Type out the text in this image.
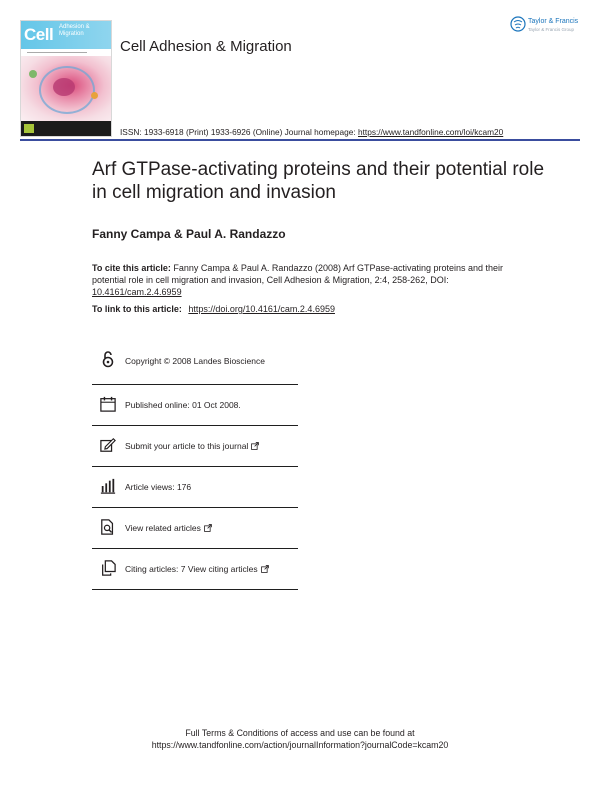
Cell Adhesion & Migration
Cell Adhesion & Migration
Taylor & Francis
Taylor & Francis Group
ISSN: 1933-6918 (Print) 1933-6926 (Online) Journal homepage: https://www.tandfonline.com/loi/kcam20
Arf GTPase-activating proteins and their potential role in cell migration and invasion
Fanny Campa & Paul A. Randazzo
To cite this article: Fanny Campa & Paul A. Randazzo (2008) Arf GTPase-activating proteins and their potential role in cell migration and invasion, Cell Adhesion & Migration, 2:4, 258-262, DOI: 10.4161/cam.2.4.6959
To link to this article: https://doi.org/10.4161/cam.2.4.6959
Copyright © 2008 Landes Bioscience
Published online: 01 Oct 2008.
Submit your article to this journal
Article views: 176
View related articles
Citing articles: 7 View citing articles
Full Terms & Conditions of access and use can be found at
https://www.tandfonline.com/action/journalInformation?journalCode=kcam20
